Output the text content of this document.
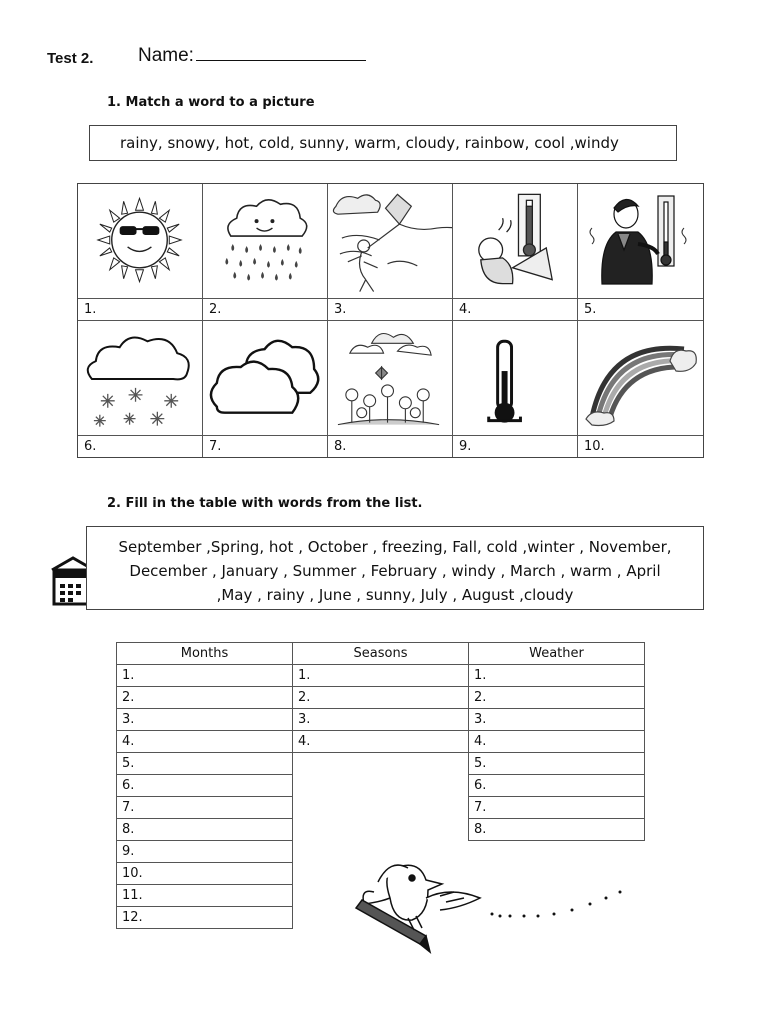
Test 2. Name:
1. Match a word to a picture
rainy, snowy, hot, cold, sunny, warm, cloudy, rainbow, cool ,windy
1.	2.	3.	4.	5.
6.	7.	8.	9.	10.
2. Fill in the table with words from the list.
September ,Spring, hot , October , freezing, Fall, cold ,winter , November,
December , January , Summer , February , windy , March , warm , April
,May , rainy , June , sunny, July , August ,cloudy
Months	Seasons	Weather
1.	1.	1.
2.	2.	2.
3.	3.	3.
4.	4.	4.
5.		5.
6.		6.
7.		7.
8.		8.
9.		
10.		
11.		
12.		
